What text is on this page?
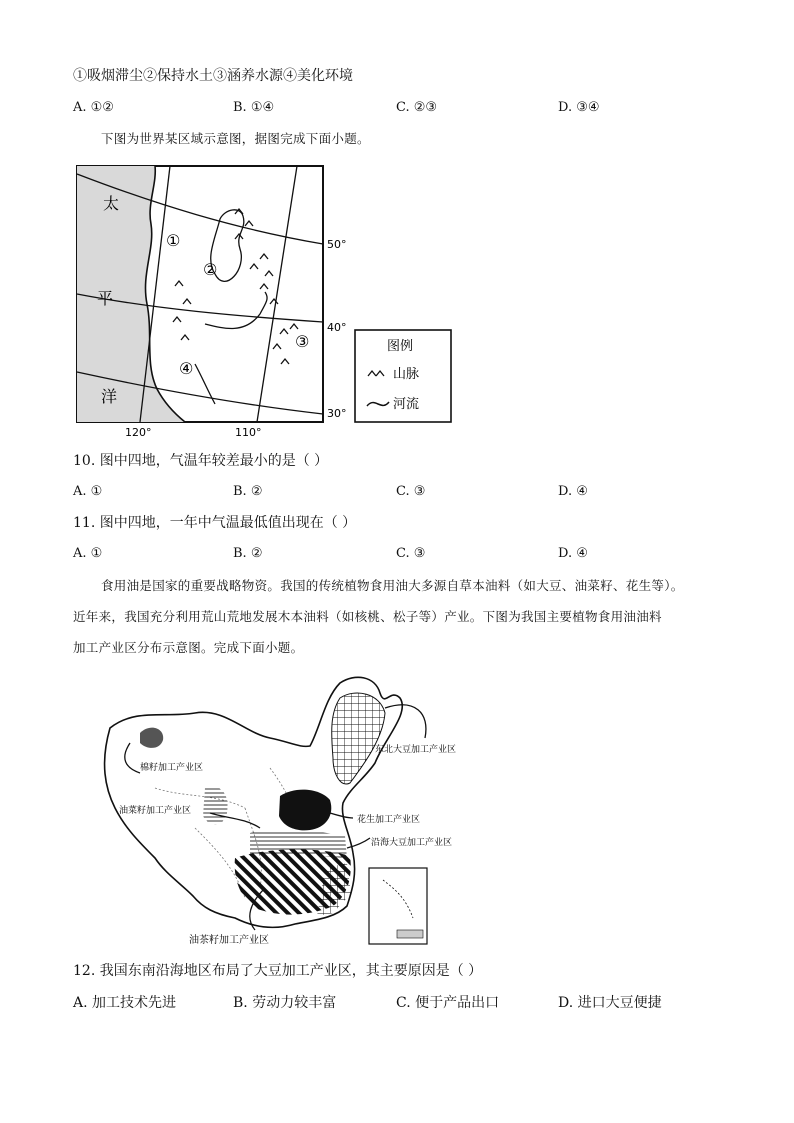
①吸烟滞尘②保持水土③涵养水源④美化环境
A. ①②	B. ①④	C. ②③	D. ③④
下图为世界某区域示意图，据图完成下面小题。
太
平
洋
①
②
③
④
50°
40°
30°
120°	110°
图例
山脉
河流
10. 图中四地，气温年较差最小的是（ ）
A. ①	B. ②	C. ③	D. ④
11. 图中四地，一年中气温最低值出现在（ ）
A. ①	B. ②	C. ③	D. ④
食用油是国家的重要战略物资。我国的传统植物食用油大多源自草本油料（如大豆、油菜籽、花生等）。
近年来，我国充分利用荒山荒地发展木本油料（如核桃、松子等）产业。下图为我国主要植物食用油油料
加工产业区分布示意图。完成下面小题。
棉籽加工产业区
油菜籽加工产业区
东北大豆加工产业区
花生加工产业区
沿海大豆加工产业区
油茶籽加工产业区
12. 我国东南沿海地区布局了大豆加工产业区，其主要原因是（ ）
A. 加工技术先进	B. 劳动力较丰富	C. 便于产品出口	D. 进口大豆便捷
